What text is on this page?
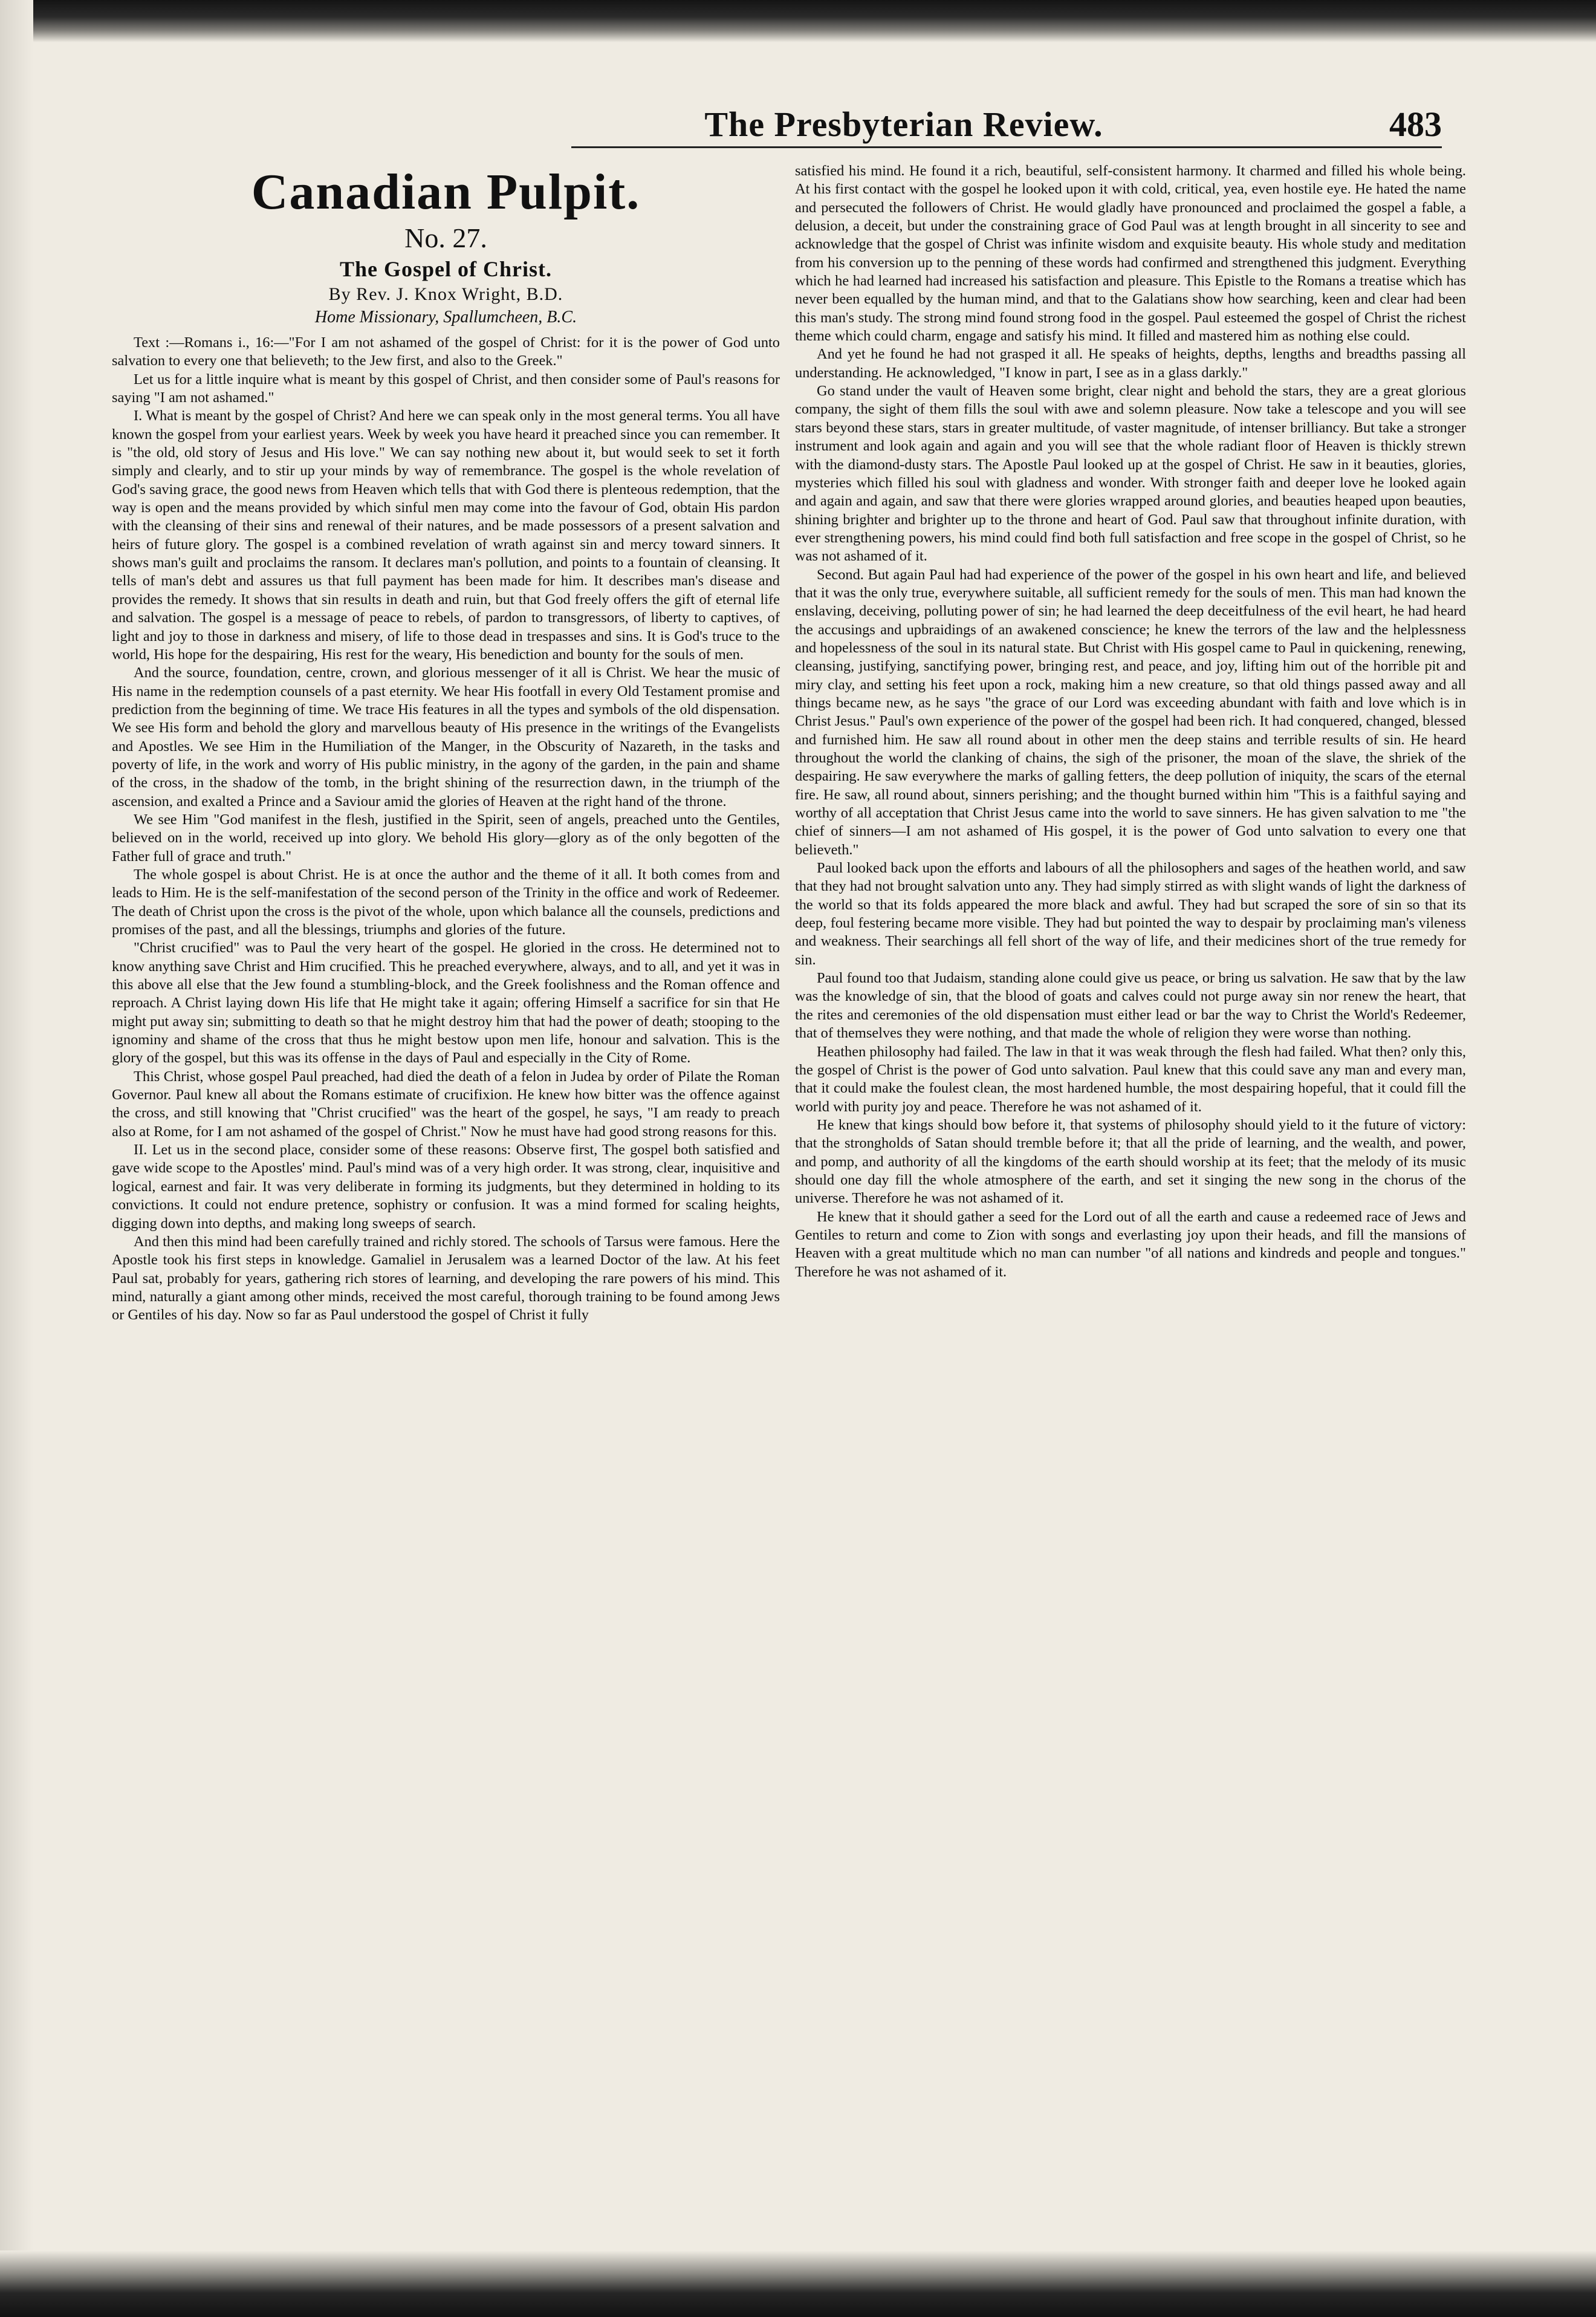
The Presbyterian Review.	483
Canadian Pulpit.
No. 27.
The Gospel of Christ.
By Rev. J. Knox Wright, B.D.
Home Missionary, Spallumcheen, B.C.

Text :—Romans i., 16:—"For I am not ashamed of the gospel of Christ: for it is the power of God unto salvation to every one that believeth; to the Jew first, and also to the Greek."

Let us for a little inquire what is meant by this gospel of Christ, and then consider some of Paul's reasons for saying "I am not ashamed."

I. What is meant by the gospel of Christ? And here we can speak only in the most general terms. You all have known the gospel from your earliest years. Week by week you have heard it preached since you can remember. It is "the old, old story of Jesus and His love." We can say nothing new about it, but would seek to set it forth simply and clearly, and to stir up your minds by way of remembrance. The gospel is the whole revelation of God's saving grace, the good news from Heaven which tells that with God there is plenteous redemption, that the way is open and the means provided by which sinful men may come into the favour of God, obtain His pardon with the cleansing of their sins and renewal of their natures, and be made possessors of a present salvation and heirs of future glory. The gospel is a combined revelation of wrath against sin and mercy toward sinners. It shows man's guilt and proclaims the ransom. It declares man's pollution, and points to a fountain of cleansing. It tells of man's debt and assures us that full payment has been made for him. It describes man's disease and provides the remedy. It shows that sin results in death and ruin, but that God freely offers the gift of eternal life and salvation. The gospel is a message of peace to rebels, of pardon to transgressors, of liberty to captives, of light and joy to those in darkness and misery, of life to those dead in trespasses and sins. It is God's truce to the world, His hope for the despairing, His rest for the weary, His benediction and bounty for the souls of men.

And the source, foundation, centre, crown, and glorious messenger of it all is Christ. We hear the music of His name in the redemption counsels of a past eternity. We hear His footfall in every Old Testament promise and prediction from the beginning of time. We trace His features in all the types and symbols of the old dispensation. We see His form and behold the glory and marvellous beauty of His presence in the writings of the Evangelists and Apostles. We see Him in the Humiliation of the Manger, in the Obscurity of Nazareth, in the tasks and poverty of life, in the work and worry of His public ministry, in the agony of the garden, in the pain and shame of the cross, in the shadow of the tomb, in the bright shining of the resurrection dawn, in the triumph of the ascension, and exalted a Prince and a Saviour amid the glories of Heaven at the right hand of the throne.

We see Him "God manifest in the flesh, justified in the Spirit, seen of angels, preached unto the Gentiles, believed on in the world, received up into glory. We behold His glory—glory as of the only begotten of the Father full of grace and truth."

The whole gospel is about Christ. He is at once the author and the theme of it all. It both comes from and leads to Him. He is the self-manifestation of the second person of the Trinity in the office and work of Redeemer. The death of Christ upon the cross is the pivot of the whole, upon which balance all the counsels, predictions and promises of the past, and all the blessings, triumphs and glories of the future.

"Christ crucified" was to Paul the very heart of the gospel. He gloried in the cross. He determined not to know anything save Christ and Him crucified. This he preached everywhere, always, and to all, and yet it was in this above all else that the Jew found a stumbling-block, and the Greek foolishness and the Roman offence and reproach. A Christ laying down His life that He might take it again; offering Himself a sacrifice for sin that He might put away sin; submitting to death so that he might destroy him that had the power of death; stooping to the ignominy and shame of the cross that thus he might bestow upon men life, honour and salvation. This is the glory of the gospel, but this was its offense in the days of Paul and especially in the City of Rome.

This Christ, whose gospel Paul preached, had died the death of a felon in Judea by order of Pilate the Roman Governor. Paul knew all about the Romans estimate of crucifixion. He knew how bitter was the offence against the cross, and still knowing that "Christ crucified" was the heart of the gospel, he says, "I am ready to preach also at Rome, for I am not ashamed of the gospel of Christ." Now he must have had good strong reasons for this.

II. Let us in the second place, consider some of these reasons: Observe first, The gospel both satisfied and gave wide scope to the Apostles' mind. Paul's mind was of a very high order. It was strong, clear, inquisitive and logical, earnest and fair. It was very deliberate in forming its judgments, but they determined in holding to its convictions. It could not endure pretence, sophistry or confusion. It was a mind formed for scaling heights, digging down into depths, and making long sweeps of search.

And then this mind had been carefully trained and richly stored. The schools of Tarsus were famous. Here the Apostle took his first steps in knowledge. Gamaliel in Jerusalem was a learned Doctor of the law. At his feet Paul sat, probably for years, gathering rich stores of learning, and developing the rare powers of his mind. This mind, naturally a giant among other minds, received the most careful, thorough training to be found among Jews or Gentiles of his day. Now so far as Paul understood the gospel of Christ it fully

satisfied his mind. He found it a rich, beautiful, self-consistent harmony. It charmed and filled his whole being. At his first contact with the gospel he looked upon it with cold, critical, yea, even hostile eye. He hated the name and persecuted the followers of Christ. He would gladly have pronounced and proclaimed the gospel a fable, a delusion, a deceit, but under the constraining grace of God Paul was at length brought in all sincerity to see and acknowledge that the gospel of Christ was infinite wisdom and exquisite beauty. His whole study and meditation from his conversion up to the penning of these words had confirmed and strengthened this judgment. Everything which he had learned had increased his satisfaction and pleasure. This Epistle to the Romans a treatise which has never been equalled by the human mind, and that to the Galatians show how searching, keen and clear had been this man's study. The strong mind found strong food in the gospel. Paul esteemed the gospel of Christ the richest theme which could charm, engage and satisfy his mind. It filled and mastered him as nothing else could.

And yet he found he had not grasped it all. He speaks of heights, depths, lengths and breadths passing all understanding. He acknowledged, "I know in part, I see as in a glass darkly."

Go stand under the vault of Heaven some bright, clear night and behold the stars, they are a great glorious company, the sight of them fills the soul with awe and solemn pleasure. Now take a telescope and you will see stars beyond these stars, stars in greater multitude, of vaster magnitude, of intenser brilliancy. But take a stronger instrument and look again and again and you will see that the whole radiant floor of Heaven is thickly strewn with the diamond-dusty stars. The Apostle Paul looked up at the gospel of Christ. He saw in it beauties, glories, mysteries which filled his soul with gladness and wonder. With stronger faith and deeper love he looked again and again and again, and saw that there were glories wrapped around glories, and beauties heaped upon beauties, shining brighter and brighter up to the throne and heart of God. Paul saw that throughout infinite duration, with ever strengthening powers, his mind could find both full satisfaction and free scope in the gospel of Christ, so he was not ashamed of it.

Second. But again Paul had had experience of the power of the gospel in his own heart and life, and believed that it was the only true, everywhere suitable, all sufficient remedy for the souls of men. This man had known the enslaving, deceiving, polluting power of sin; he had learned the deep deceitfulness of the evil heart, he had heard the accusings and upbraidings of an awakened conscience; he knew the terrors of the law and the helplessness and hopelessness of the soul in its natural state. But Christ with His gospel came to Paul in quickening, renewing, cleansing, justifying, sanctifying power, bringing rest, and peace, and joy, lifting him out of the horrible pit and miry clay, and setting his feet upon a rock, making him a new creature, so that old things passed away and all things became new, as he says "the grace of our Lord was exceeding abundant with faith and love which is in Christ Jesus." Paul's own experience of the power of the gospel had been rich. It had conquered, changed, blessed and furnished him. He saw all round about in other men the deep stains and terrible results of sin. He heard throughout the world the clanking of chains, the sigh of the prisoner, the moan of the slave, the shriek of the despairing. He saw everywhere the marks of galling fetters, the deep pollution of iniquity, the scars of the eternal fire. He saw, all round about, sinners perishing; and the thought burned within him "This is a faithful saying and worthy of all acceptation that Christ Jesus came into the world to save sinners. He has given salvation to me "the chief of sinners—I am not ashamed of His gospel, it is the power of God unto salvation to every one that believeth."

Paul looked back upon the efforts and labours of all the philosophers and sages of the heathen world, and saw that they had not brought salvation unto any. They had simply stirred as with slight wands of light the darkness of the world so that its folds appeared the more black and awful. They had but scraped the sore of sin so that its deep, foul festering became more visible. They had but pointed the way to despair by proclaiming man's vileness and weakness. Their searchings all fell short of the way of life, and their medicines short of the true remedy for sin.

Paul found too that Judaism, standing alone could give us peace, or bring us salvation. He saw that by the law was the knowledge of sin, that the blood of goats and calves could not purge away sin nor renew the heart, that the rites and ceremonies of the old dispensation must either lead or bar the way to Christ the World's Redeemer, that of themselves they were nothing, and that made the whole of religion they were worse than nothing.

Heathen philosophy had failed. The law in that it was weak through the flesh had failed. What then? only this, the gospel of Christ is the power of God unto salvation. Paul knew that this could save any man and every man, that it could make the foulest clean, the most hardened humble, the most despairing hopeful, that it could fill the world with purity joy and peace. Therefore he was not ashamed of it.

He knew that kings should bow before it, that systems of philosophy should yield to it the future of victory: that the strongholds of Satan should tremble before it; that all the pride of learning, and the wealth, and power, and pomp, and authority of all the kingdoms of the earth should worship at its feet; that the melody of its music should one day fill the whole atmosphere of the earth, and set it singing the new song in the chorus of the universe. Therefore he was not ashamed of it.

He knew that it should gather a seed for the Lord out of all the earth and cause a redeemed race of Jews and Gentiles to return and come to Zion with songs and everlasting joy upon their heads, and fill the mansions of Heaven with a great multitude which no man can number "of all nations and kindreds and people and tongues." Therefore he was not ashamed of it.
